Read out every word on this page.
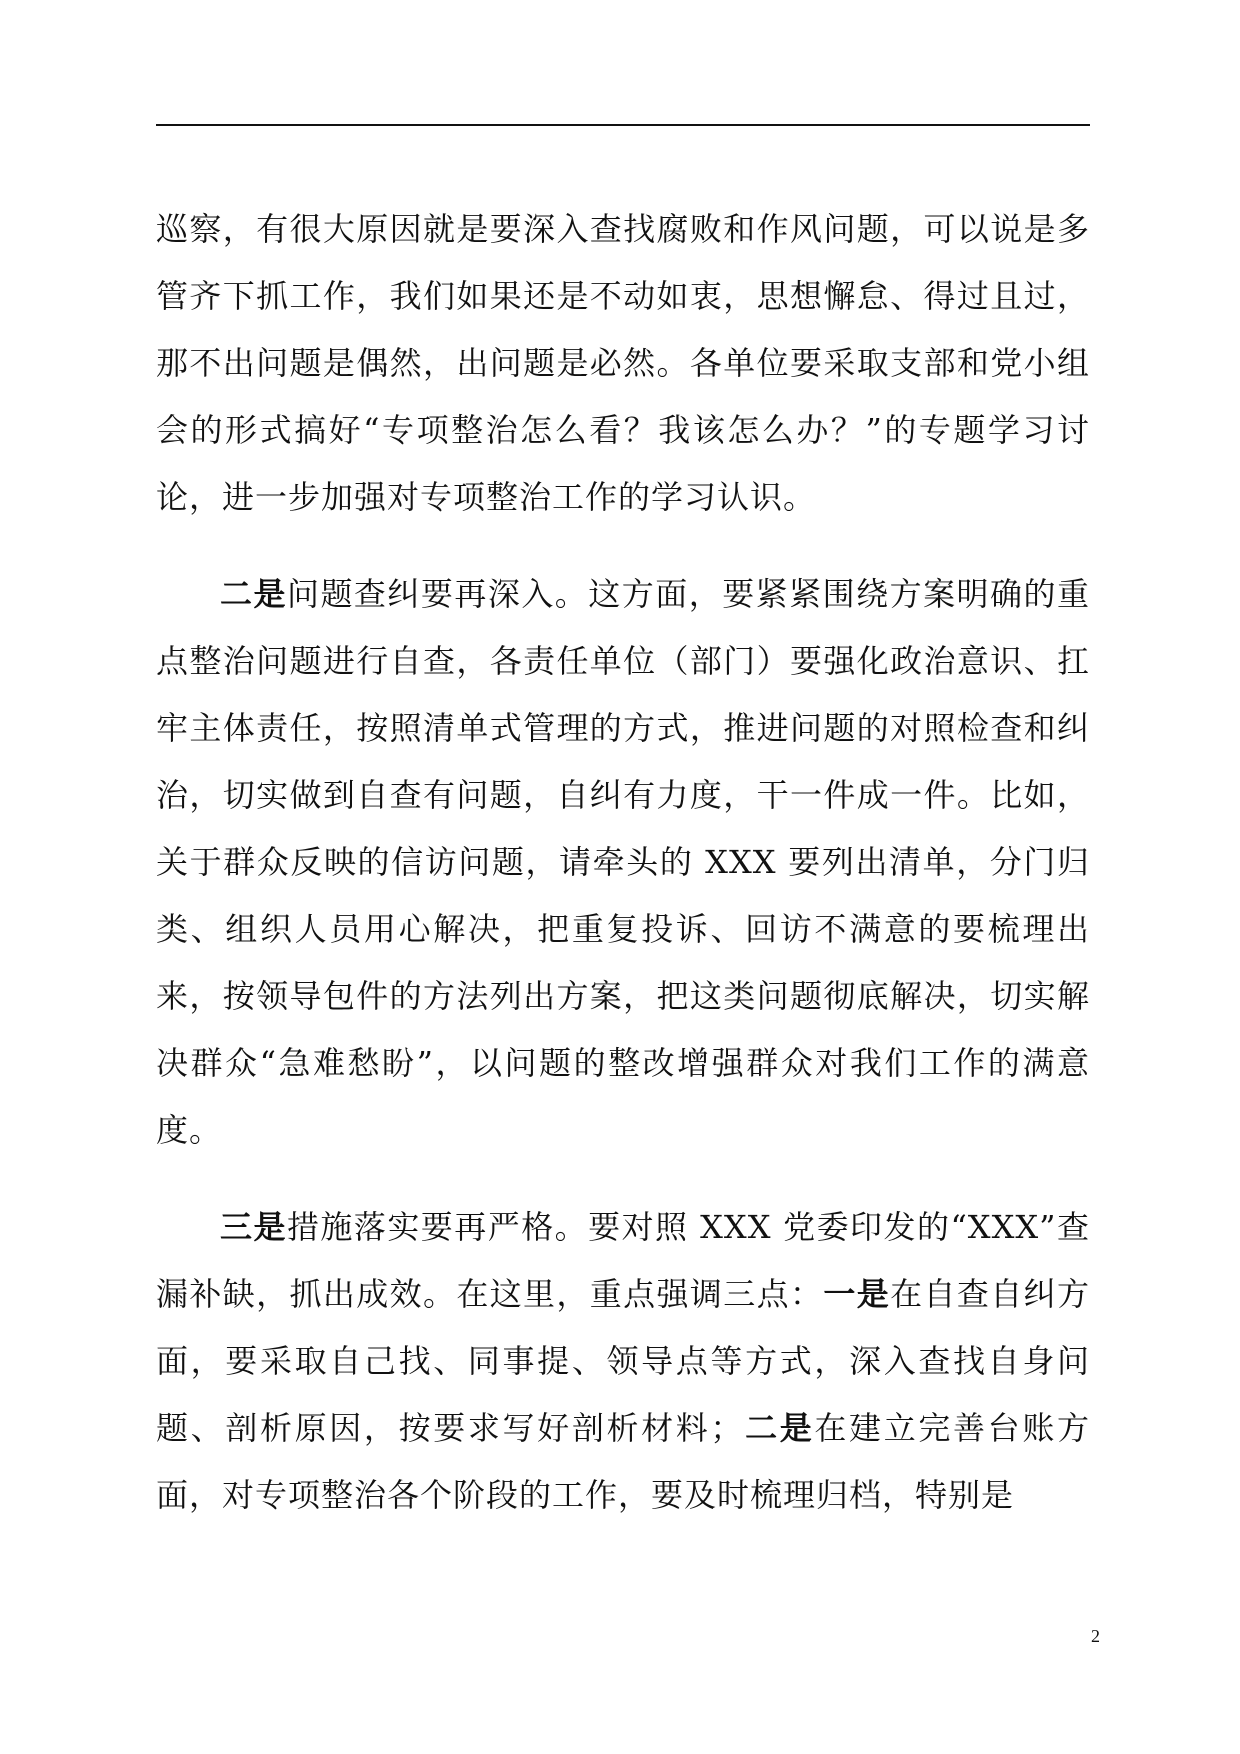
巡察，有很大原因就是要深入查找腐败和作风问题，可以说是多管齐下抓工作，我们如果还是不动如衷，思想懈怠、得过且过，那不出问题是偶然，出问题是必然。各单位要采取支部和党小组会的形式搞好“专项整治怎么看？我该怎么办？”的专题学习讨论，进一步加强对专项整治工作的学习认识。

二是问题查纠要再深入。这方面，要紧紧围绕方案明确的重点整治问题进行自查，各责任单位（部门）要强化政治意识、扛牢主体责任，按照清单式管理的方式，推进问题的对照检查和纠治，切实做到自查有问题，自纠有力度，干一件成一件。比如，关于群众反映的信访问题，请牵头的 XXX 要列出清单，分门归类、组织人员用心解决，把重复投诉、回访不满意的要梳理出来，按领导包件的方法列出方案，把这类问题彻底解决，切实解决群众“急难愁盼”，以问题的整改增强群众对我们工作的满意度。

三是措施落实要再严格。要对照 XXX 党委印发的“XXX”查漏补缺，抓出成效。在这里，重点强调三点：一是在自查自纠方面，要采取自己找、同事提、领导点等方式，深入查找自身问题、剖析原因，按要求写好剖析材料；二是在建立完善台账方面，对专项整治各个阶段的工作，要及时梳理归档，特别是

2
